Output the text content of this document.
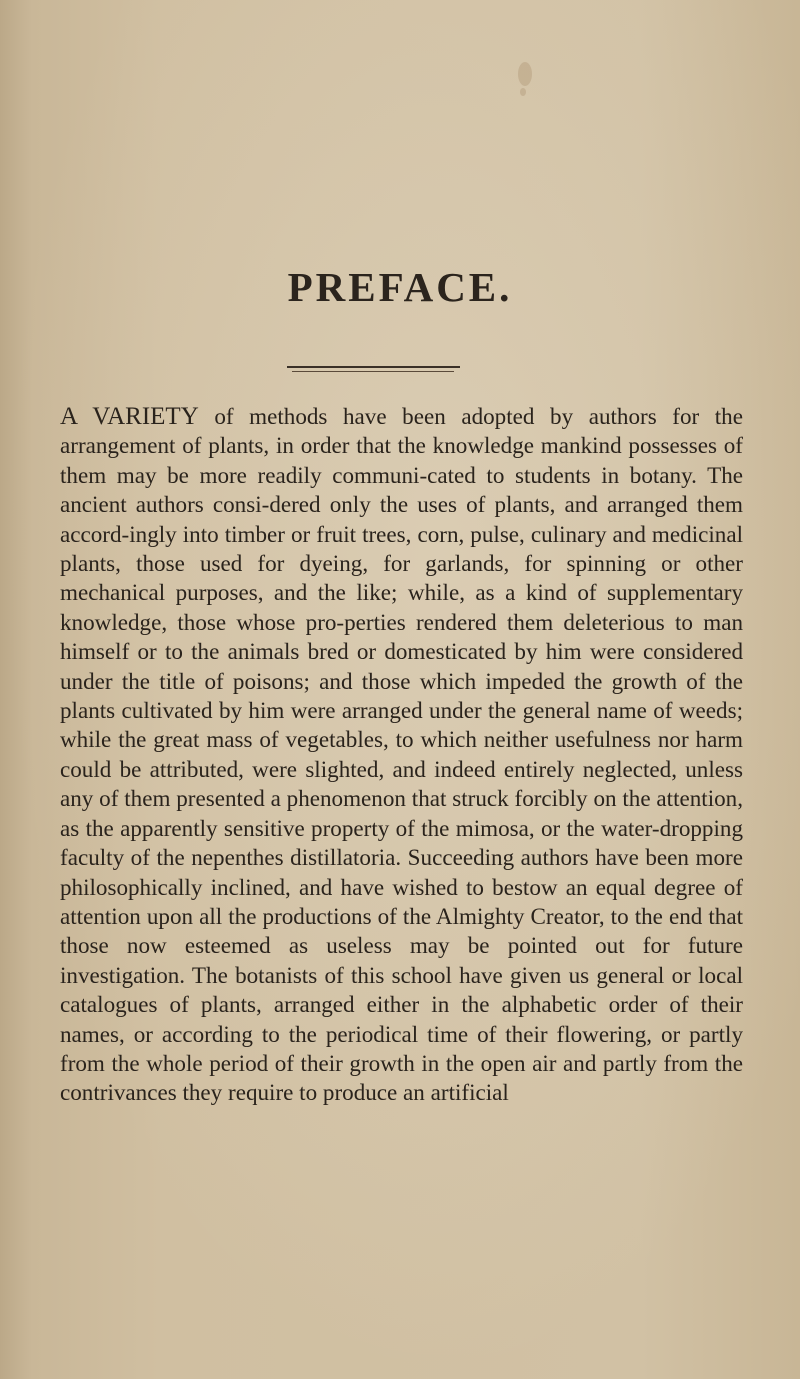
PREFACE.

A VARIETY of methods have been adopted by authors for the arrangement of plants, in order that the knowledge mankind possesses of them may be more readily communi-cated to students in botany. The ancient authors consi-dered only the uses of plants, and arranged them accord-ingly into timber or fruit trees, corn, pulse, culinary and medicinal plants, those used for dyeing, for garlands, for spinning or other mechanical purposes, and the like; while, as a kind of supplementary knowledge, those whose pro-perties rendered them deleterious to man himself or to the animals bred or domesticated by him were considered under the title of poisons; and those which impeded the growth of the plants cultivated by him were arranged under the general name of weeds; while the great mass of vegetables, to which neither usefulness nor harm could be attributed, were slighted, and indeed entirely neglected, unless any of them presented a phenomenon that struck forcibly on the attention, as the apparently sensitive property of the mimosa, or the water-dropping faculty of the nepenthes distillatoria. Succeeding authors have been more philosophically inclined, and have wished to bestow an equal degree of attention upon all the productions of the Almighty Creator, to the end that those now esteemed as useless may be pointed out for future investigation. The botanists of this school have given us general or local catalogues of plants, arranged either in the alphabetic order of their names, or according to the periodical time of their flowering, or partly from the whole period of their growth in the open air and partly from the contrivances they require to produce an artificial
